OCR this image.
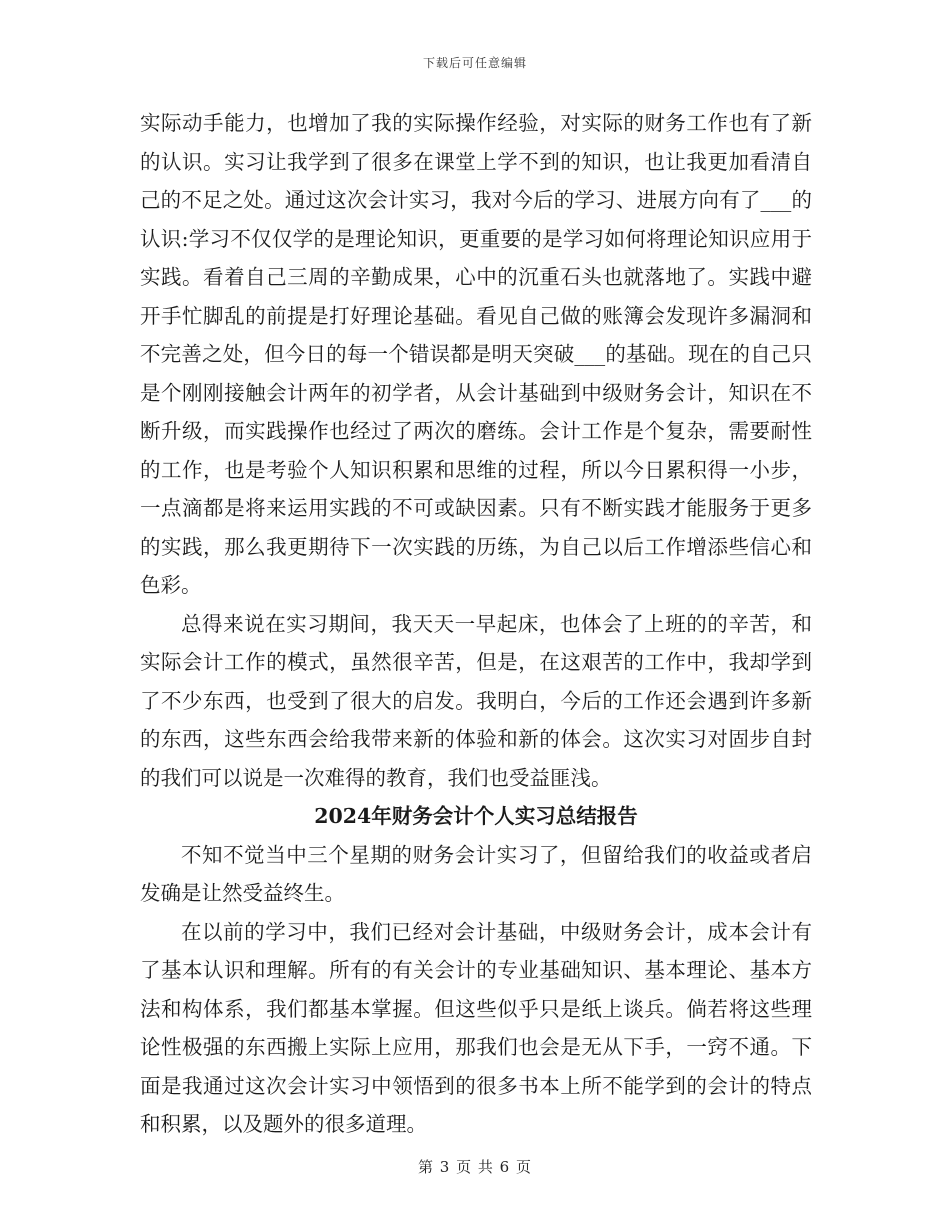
下载后可任意编辑

实际动手能力，也增加了我的实际操作经验，对实际的财务工作也有了新的认识。实习让我学到了很多在课堂上学不到的知识，也让我更加看清自己的不足之处。通过这次会计实习，我对今后的学习、进展方向有了___的认识:学习不仅仅学的是理论知识，更重要的是学习如何将理论知识应用于实践。看着自己三周的辛勤成果，心中的沉重石头也就落地了。实践中避开手忙脚乱的前提是打好理论基础。看见自己做的账簿会发现许多漏洞和不完善之处，但今日的每一个错误都是明天突破___的基础。现在的自己只是个刚刚接触会计两年的初学者，从会计基础到中级财务会计，知识在不断升级，而实践操作也经过了两次的磨练。会计工作是个复杂，需要耐性的工作，也是考验个人知识积累和思维的过程，所以今日累积得一小步，一点滴都是将来运用实践的不可或缺因素。只有不断实践才能服务于更多的实践，那么我更期待下一次实践的历练，为自己以后工作增添些信心和色彩。

总得来说在实习期间，我天天一早起床，也体会了上班的的辛苦，和实际会计工作的模式，虽然很辛苦，但是，在这艰苦的工作中，我却学到了不少东西，也受到了很大的启发。我明白，今后的工作还会遇到许多新的东西，这些东西会给我带来新的体验和新的体会。这次实习对固步自封的我们可以说是一次难得的教育，我们也受益匪浅。

2024年财务会计个人实习总结报告

不知不觉当中三个星期的财务会计实习了，但留给我们的收益或者启发确是让然受益终生。

在以前的学习中，我们已经对会计基础，中级财务会计，成本会计有了基本认识和理解。所有的有关会计的专业基础知识、基本理论、基本方法和构体系，我们都基本掌握。但这些似乎只是纸上谈兵。倘若将这些理论性极强的东西搬上实际上应用，那我们也会是无从下手，一窍不通。下面是我通过这次会计实习中领悟到的很多书本上所不能学到的会计的特点和积累，以及题外的很多道理。

第 3 页 共 6 页
